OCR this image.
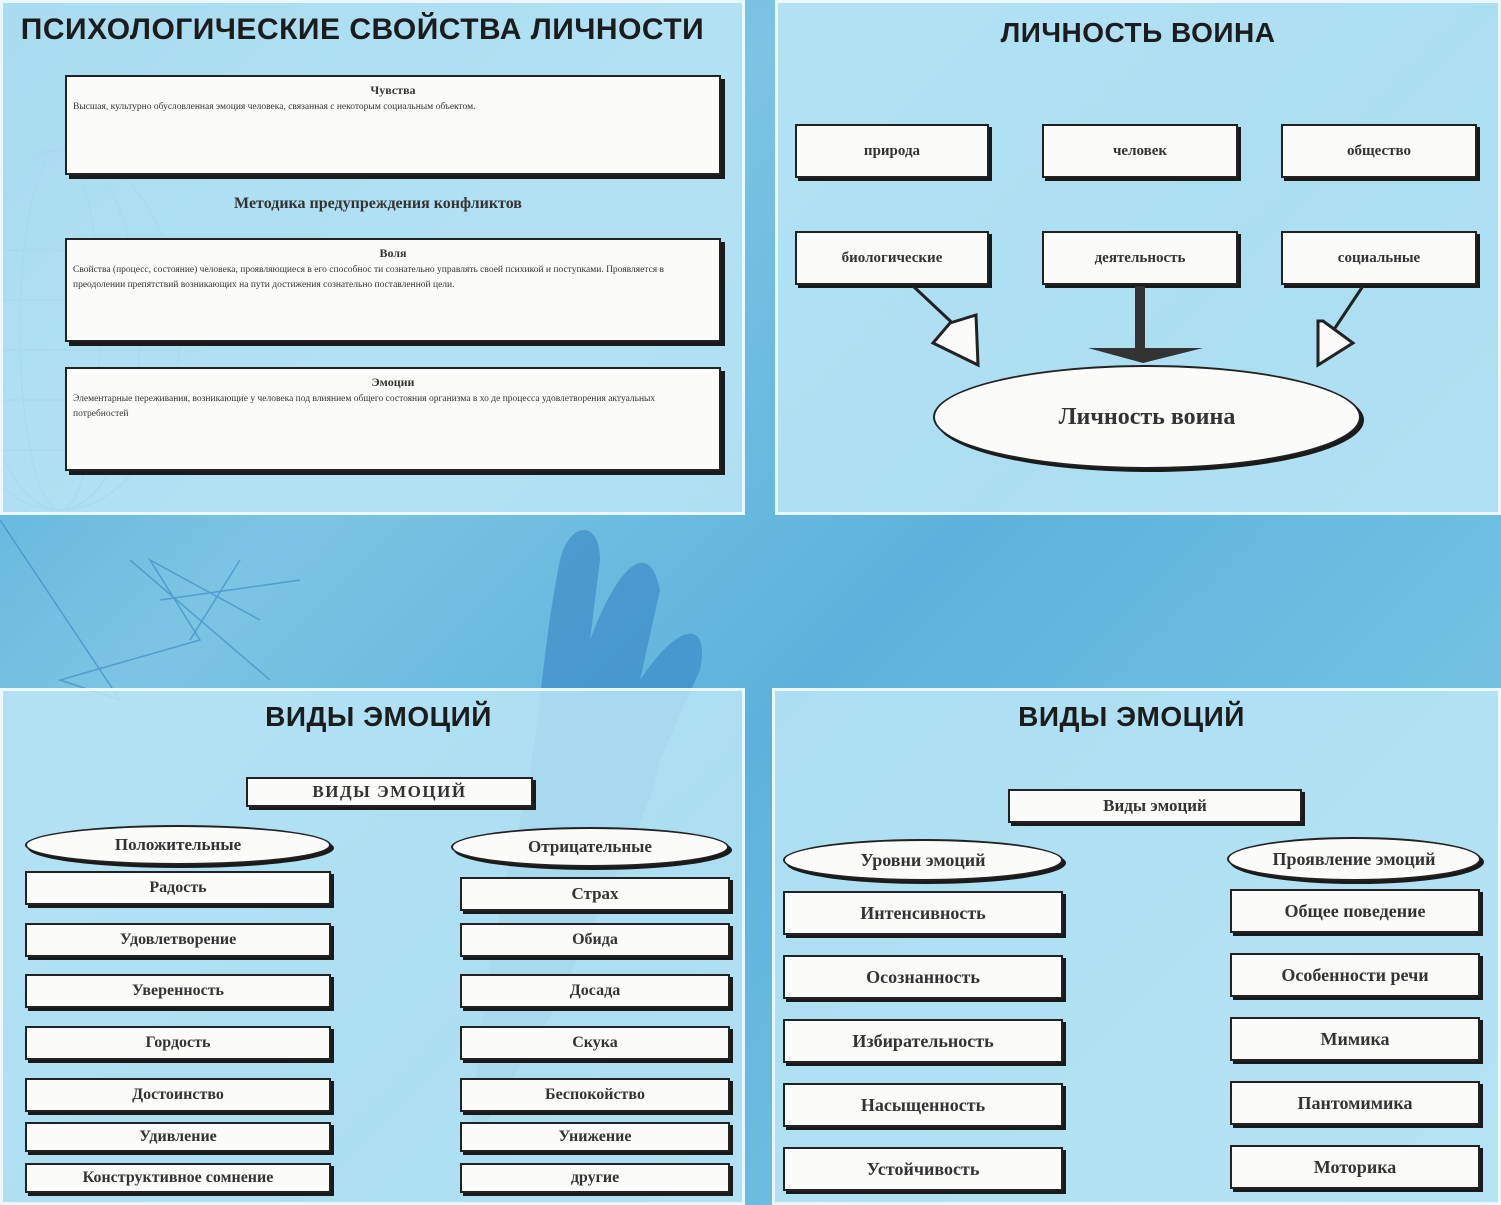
ПСИХОЛОГИЧЕСКИЕ СВОЙСТВА ЛИЧНОСТИ
Чувства
Высшая, культурно обусловленная эмоция человека, связанная с некоторым социальным объектом.
Методика предупреждения конфликтов
Воля
Свойства (процесс, состояние) человека, проявляющиеся в его способнос ти сознательно управлять своей психикой и поступками. Проявляется в преодолении препятствий возникающих на пути достижения сознательно поставленной цели.
Эмоции
Элементарные переживания, возникающие у человека под влиянием общего состояния организма в хо де процесса удовлетворения актуальных потребностей
ЛИЧНОСТЬ ВОИНА
природа	человек	общество
биологические	деятельность	социальные
Личность воина
ВИДЫ ЭМОЦИЙ
ВИДЫ ЭМОЦИЙ
Положительные	Отрицательные
Радость
Удовлетворение
Уверенность
Гордость
Достоинство
Удивление
Конструктивное сомнение
Страх
Обида
Досада
Скука
Беспокойство
Унижение
другие
ВИДЫ ЭМОЦИЙ
Виды эмоций
Уровни эмоций	Проявление эмоций
Интенсивность
Осознанность
Избирательность
Насыщенность
Устойчивость
Общее поведение
Особенности речи
Мимика
Пантомимика
Моторика
